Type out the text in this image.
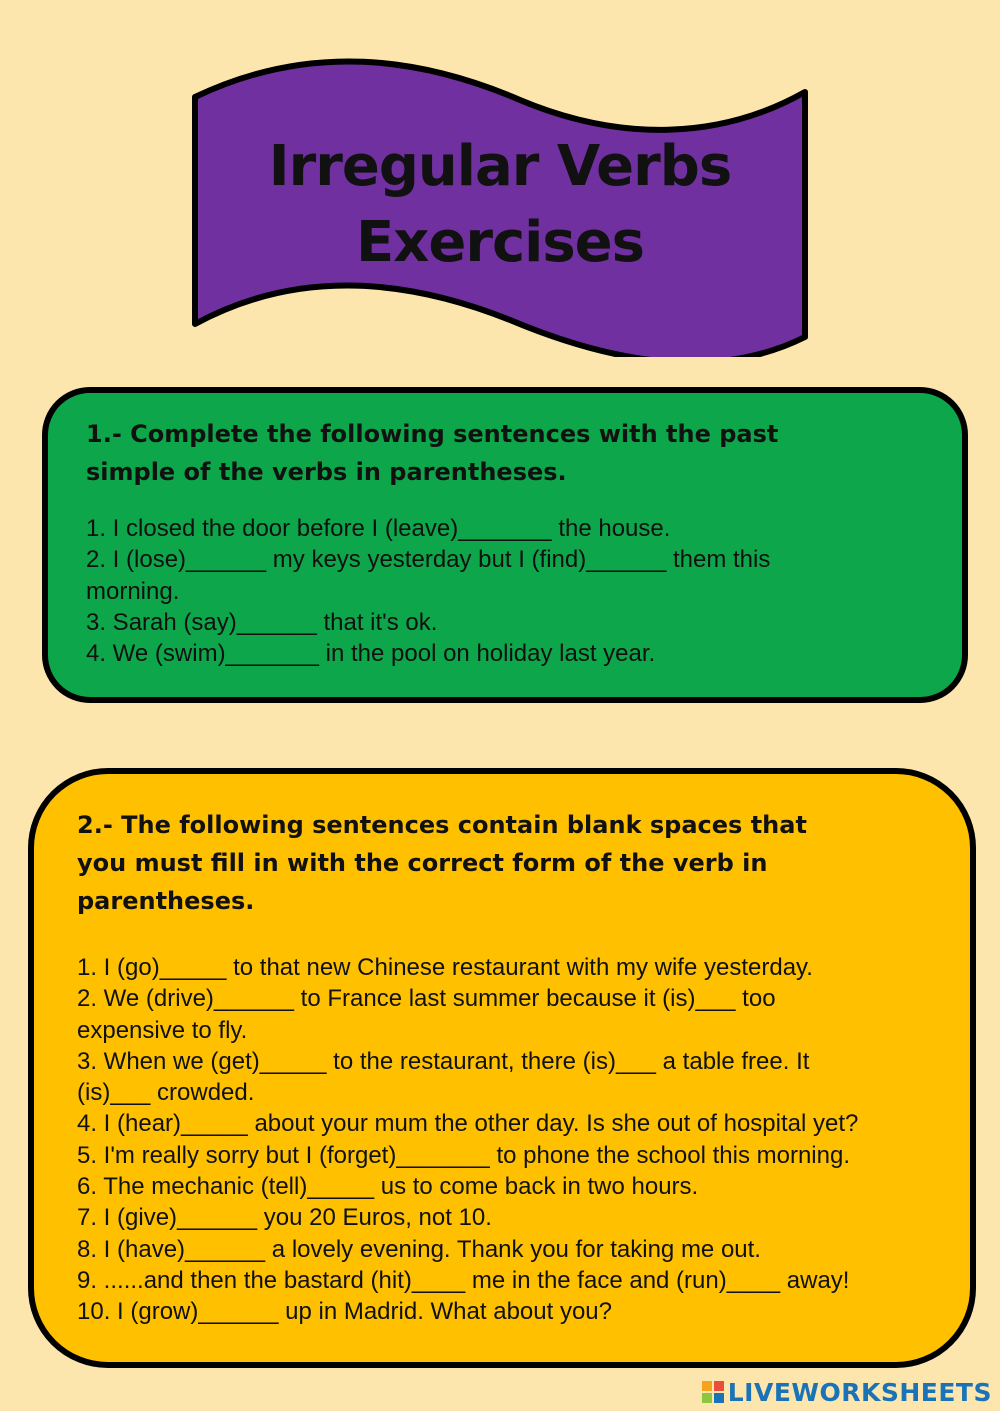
Irregular Verbs
Exercises
1.- Complete the following sentences with the past
simple of the verbs in parentheses.

1. I closed the door before I (leave)_______ the house.

2. I (lose)______ my keys yesterday but I (find)______ them this

morning.

3. Sarah (say)______ that it's ok.

4. We (swim)_______ in the pool on holiday last year.

2.- The following sentences contain blank spaces that
you must fill in with the correct form of the verb in
parentheses.

1. I (go)_____ to that new Chinese restaurant with my wife yesterday.

2. We (drive)______ to France last summer because it (is)___ too

expensive to fly.

3. When we (get)_____ to the restaurant, there (is)___ a table free. It

(is)___ crowded.

4. I (hear)_____ about your mum the other day. Is she out of hospital yet?

5. I'm really sorry but I (forget)_______ to phone the school this morning.

6. The mechanic (tell)_____ us to come back in two hours.

7. I (give)______ you 20 Euros, not 10.

8. I (have)______ a lovely evening. Thank you for taking me out.

9. ......and then the bastard (hit)____ me in the face and (run)____ away!

10. I (grow)______ up in Madrid. What about you?

LIVEWORKSHEETS
